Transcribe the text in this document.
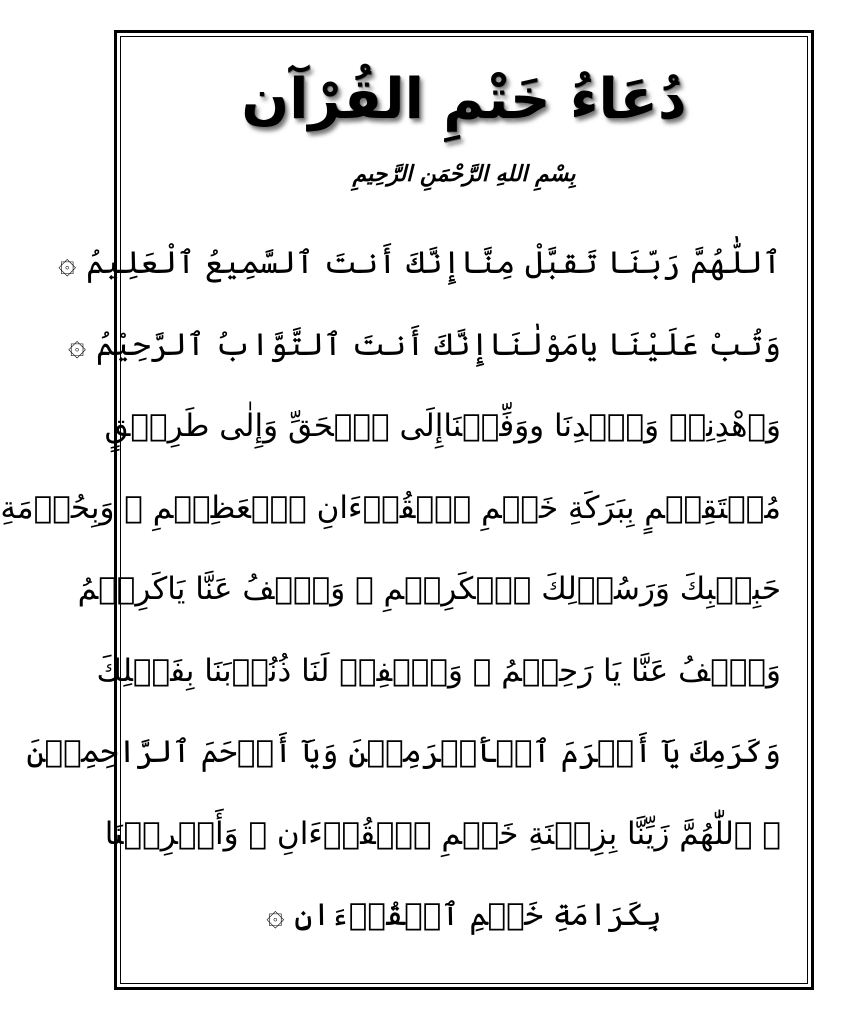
دُعَاءُ خَتْمِ القُرْآن
بِسْمِ اللهِ الرَّحْمَنِ الرَّحِيمِ
ٱللّٰهُمَّ رَبّنَا تَقبَّلْ مِنَّاإِنَّكَ أَنتَ ٱلسَّمِيعُ ٱلْعَلِيمُ ۞
وَتُبْ عَلَيْنَا يامَوْلٰنَاإِنَّكَ أَنتَ ٱلتَّوَّابُ ٱلرَّحِيْمُ ۞
وَٱهْدِنِىۡ وَٱهۡدِنَا ووَفِّقۡنَاإِلَى ٱلۡحَقِّ وَإِلٰى طَرِيۡقٍ
مُسۡتَقِيۡمٍ بِبَرَكَةِ خَتۡمِ ٱلۡقُرۡءَانِ ٱلۡعَظِيۡمِ ۞ وَبِحُرۡمَةِ
حَبِيۡبِكَ وَرَسُوۡلِكَ ٱلۡكَرِيۡمِ ۞ وَٱعۡفُ عَنَّا يَاكَرِيۡمُ
وَٱعۡفُ عَنَّا يَا رَحِيۡمُ ۞ وَٱغۡفِرۡ لَنَا ذُنُوۡبَنَا بِفَضۡلِكَ
وَكَرَمِكَ يَآ أَكۡرَمَ ٱلۡأَكۡرَمِيۡنَ وَيَآ أَرۡحَمَ ٱلرَّاحِمِيۡنَ
۞ ٱللّٰهُمَّ زَيِّنَّا بِزِيۡنَةِ خَتۡمِ ٱلۡقُرۡءَانِ ۞ وَأَكۡرِمۡنَا
بِكَرَامَةِ خَتۡمِ ٱلۡقُرۡءَانِ ۞
